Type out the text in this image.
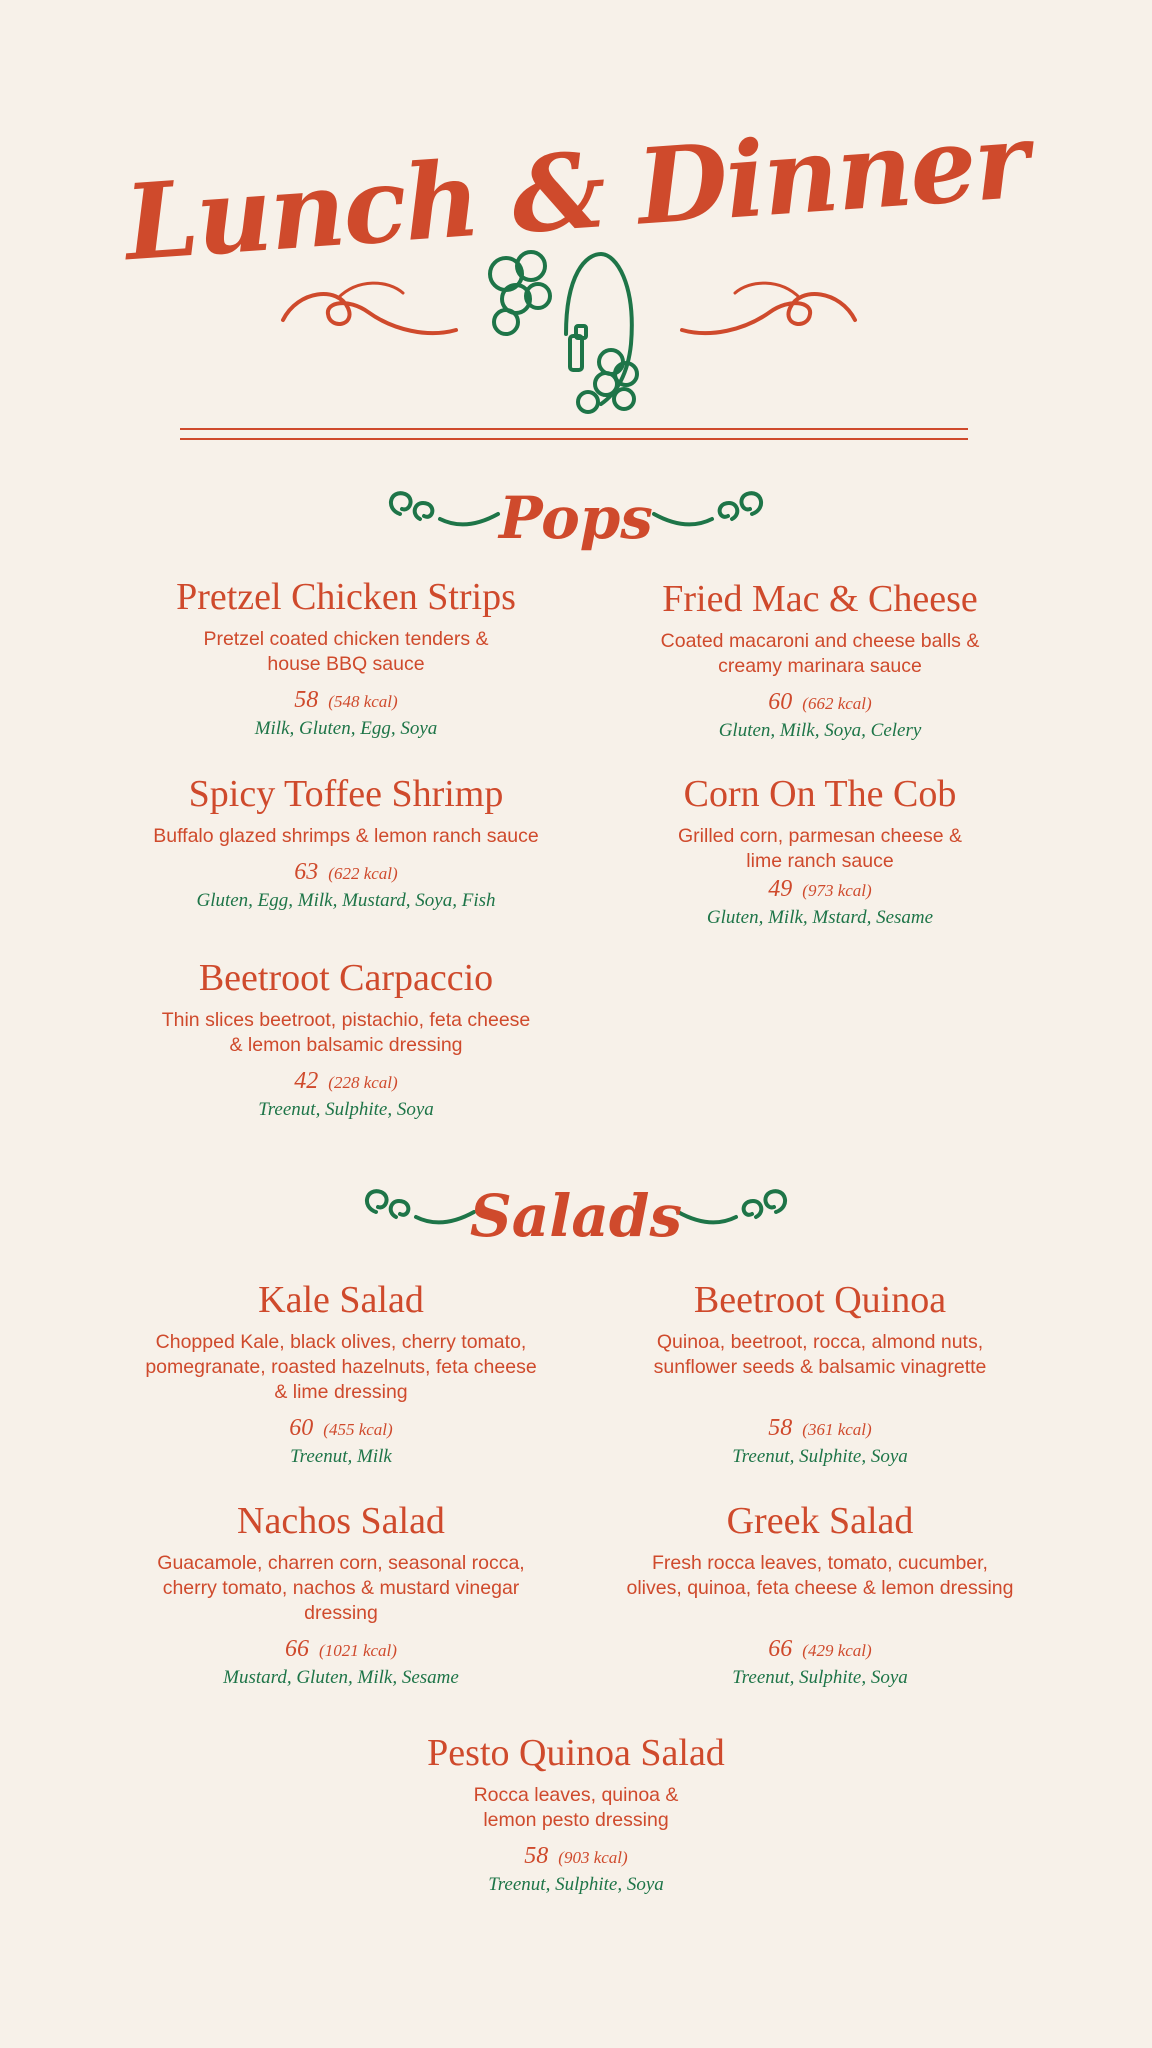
Lunch & Dinner
Pops
Pretzel Chicken Strips
Pretzel coated chicken tenders &
house BBQ sauce
58 (548 kcal)
Milk, Gluten, Egg, Soya
Fried Mac & Cheese
Coated macaroni and cheese balls &
creamy marinara sauce
60 (662 kcal)
Gluten, Milk, Soya, Celery
Spicy Toffee Shrimp
Buffalo glazed shrimps & lemon ranch sauce
63 (622 kcal)
Gluten, Egg, Milk, Mustard, Soya, Fish
Corn On The Cob
Grilled corn, parmesan cheese &
lime ranch sauce
49 (973 kcal)
Gluten, Milk, Mstard, Sesame
Beetroot Carpaccio
Thin slices beetroot, pistachio, feta cheese
& lemon balsamic dressing
42 (228 kcal)
Treenut, Sulphite, Soya
Salads
Kale Salad
Chopped Kale, black olives, cherry tomato,
pomegranate, roasted hazelnuts, feta cheese
& lime dressing
60 (455 kcal)
Treenut, Milk
Beetroot Quinoa
Quinoa, beetroot, rocca, almond nuts,
sunflower seeds & balsamic vinagrette
58 (361 kcal)
Treenut, Sulphite, Soya
Nachos Salad
Guacamole, charren corn, seasonal rocca,
cherry tomato, nachos & mustard vinegar
dressing
66 (1021 kcal)
Mustard, Gluten, Milk, Sesame
Greek Salad
Fresh rocca leaves, tomato, cucumber,
olives, quinoa, feta cheese & lemon dressing
66 (429 kcal)
Treenut, Sulphite, Soya
Pesto Quinoa Salad
Rocca leaves, quinoa &
lemon pesto dressing
58 (903 kcal)
Treenut, Sulphite, Soya
